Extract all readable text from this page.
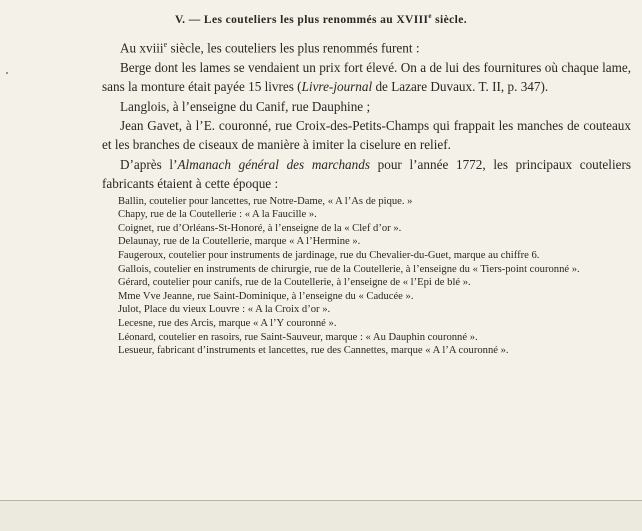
V. — Les couteliers les plus renommés au XVIIIe siècle.

Au xviii$^e$ siècle, les couteliers les plus renommés furent :

Berge dont les lames se vendaient un prix fort élevé. On a de lui des fournitures où chaque lame, sans la monture était payée 15 livres (Livre-journal de Lazare Duvaux. T. II, p. 347).

Langlois, à l’enseigne du Canif, rue Dauphine ;

Jean Gavet, à l’E. couronné, rue Croix-des-Petits-Champs qui frappait les manches de couteaux et les branches de ciseaux de manière à imiter la ciselure en relief.

D’après l’Almanach général des marchands pour l’année 1772, les principaux couteliers fabricants étaient à cette époque :

Ballin, coutelier pour lancettes, rue Notre-Dame, « A l’As de pique. »

Chapy, rue de la Coutellerie : « A la Faucille ».

Coignet, rue d’Orléans-St-Honoré, à l’enseigne de la « Clef d’or ».

Delaunay, rue de la Coutellerie, marque « A l’Hermine ».

Faugeroux, coutelier pour instruments de jardinage, rue du Chevalier-du-Guet, marque au chiffre 6.

Gallois, coutelier en instruments de chirurgie, rue de la Coutellerie, à l’enseigne du « Tiers-point couronné ».

Gérard, coutelier pour canifs, rue de la Coutellerie, à l’enseigne de « l’Epi de blé ».

Mme Vve Jeanne, rue Saint-Dominique, à l’enseigne du « Caducée ».

Julot, Place du vieux Louvre : « A la Croix d’or ».

Lecesne, rue des Arcis, marque « A l’Y couronné ».

Léonard, coutelier en rasoirs, rue Saint-Sauveur, marque : « Au Dauphin couronné ».

Lesueur, fabricant d’instruments et lancettes, rue des Cannettes, marque « A l’A couronné ».
